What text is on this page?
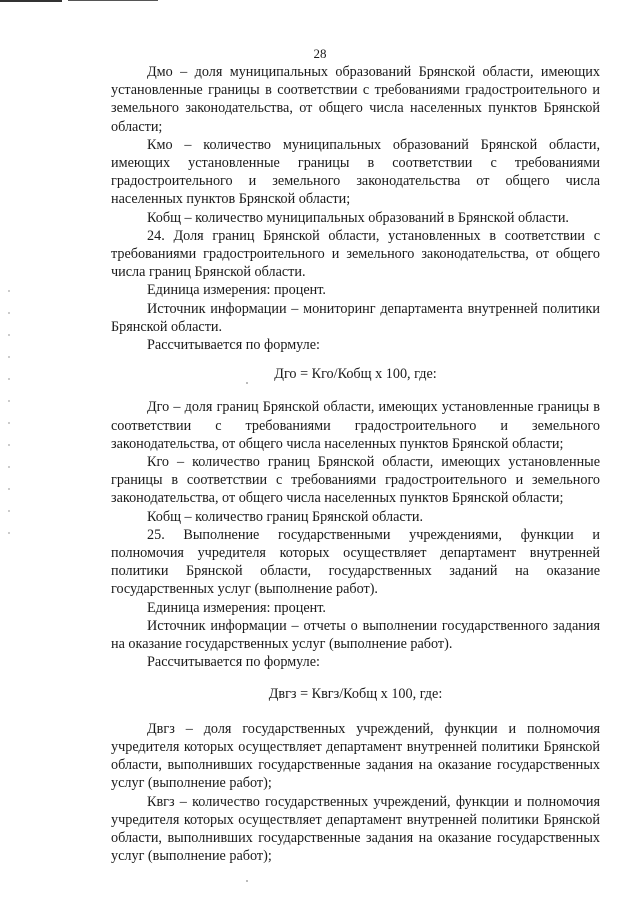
28

Дмо – доля муниципальных образований Брянской области, имеющих установленные границы в соответствии с требованиями градостроительного и земельного законодательства, от общего числа населенных пунктов Брянской области;

Кмо – количество муниципальных образований Брянской области, имеющих установленные границы в соответствии с требованиями градостроительного и земельного законодательства от общего числа населенных пунктов Брянской области;

Кобщ – количество муниципальных образований в Брянской области.

24. Доля границ Брянской области, установленных в соответствии с требованиями градостроительного и земельного законодательства, от общего числа границ Брянской области.

Единица измерения: процент.

Источник информации – мониторинг департамента внутренней политики Брянской области.

Рассчитывается по формуле:

Дго = Кго/Кобщ х 100, где:

Дго – доля границ Брянской области, имеющих установленные границы в соответствии с требованиями градостроительного и земельного законодательства, от общего числа населенных пунктов Брянской области;

Кго – количество границ Брянской области, имеющих установленные границы в соответствии с требованиями градостроительного и земельного законодательства, от общего числа населенных пунктов Брянской области;

Кобщ – количество границ Брянской области.

25. Выполнение государственными учреждениями, функции и полномочия учредителя которых осуществляет департамент внутренней политики Брянской области, государственных заданий на оказание государственных услуг (выполнение работ).

Единица измерения: процент.

Источник информации – отчеты о выполнении государственного задания на оказание государственных услуг (выполнение работ).

Рассчитывается по формуле:

Двгз = Квгз/Кобщ х 100, где:

Двгз – доля государственных учреждений, функции и полномочия учредителя которых осуществляет департамент внутренней политики Брянской области, выполнивших государственные задания на оказание государственных услуг (выполнение работ);

Квгз – количество государственных учреждений, функции и полномочия учредителя которых осуществляет департамент внутренней политики Брянской области, выполнивших государственные задания на оказание государственных услуг (выполнение работ);
